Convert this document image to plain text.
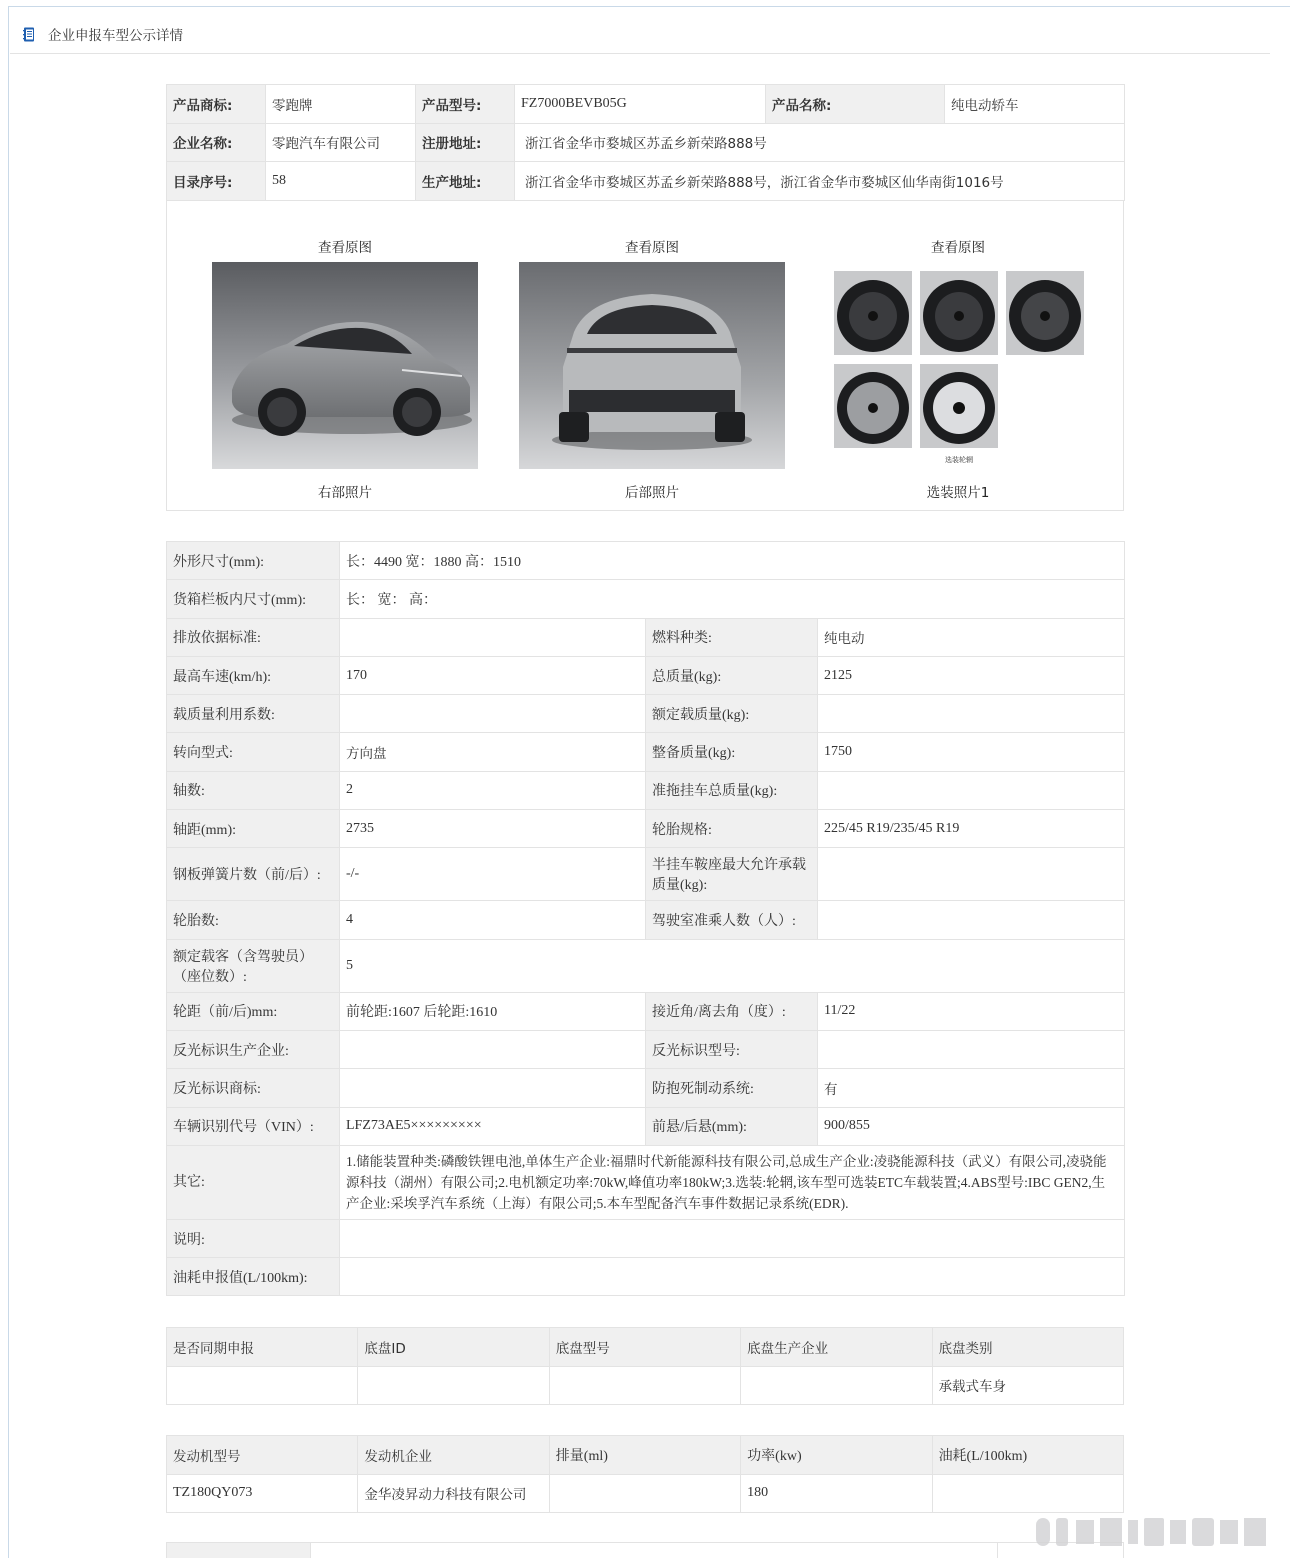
企业申报车型公示详情
产品商标:	零跑牌	产品型号:	FZ7000BEVB05G	产品名称:	纯电动轿车
企业名称:	零跑汽车有限公司	注册地址:	浙江省金华市婺城区苏孟乡新荣路888号		
目录序号:	58	生产地址:	浙江省金华市婺城区苏孟乡新荣路888号，浙江省金华市婺城区仙华南街1016号		
查看原图
右部照片
查看原图
后部照片
查看原图
选装轮辋
选装照片1
外形尺寸(mm):	长：4490 宽：1880 高：1510		
货箱栏板内尺寸(mm):	长： 宽： 高：		
排放依据标准:		燃料种类:	纯电动
最高车速(km/h):	170	总质量(kg):	2125
载质量利用系数:		额定载质量(kg):	
转向型式:	方向盘	整备质量(kg):	1750
轴数:	2	准拖挂车总质量(kg):	
轴距(mm):	2735	轮胎规格:	225/45 R19/235/45 R19
钢板弹簧片数（前/后）:	-/-	半挂车鞍座最大允许承载质量(kg):	
轮胎数:	4	驾驶室准乘人数（人）:	
额定载客（含驾驶员）（座位数）:	5		
轮距（前/后)mm:	前轮距:1607 后轮距:1610	接近角/离去角（度）:	11/22
反光标识生产企业:		反光标识型号:	
反光标识商标:		防抱死制动系统:	有
车辆识别代号（VIN）:	LFZ73AE5×××××××××	前悬/后悬(mm):	900/855
其它:	1.储能装置种类:磷酸铁锂电池,单体生产企业:福鼎时代新能源科技有限公司,总成生产企业:凌骁能源科技（武义）有限公司,凌骁能源科技（湖州）有限公司;2.电机额定功率:70kW,峰值功率180kW;3.选装:轮辋,该车型可选装ETC车载装置;4.ABS型号:IBC GEN2,生产企业:采埃孚汽车系统（上海）有限公司;5.本车型配备汽车事件数据记录系统(EDR).		
说明:			
油耗申报值(L/100km):			
是否同期申报	底盘ID	底盘型号	底盘生产企业	底盘类别
				承载式车身
发动机型号	发动机企业	排量(ml)	功率(kw)	油耗(L/100km)
TZ180QY073	金华凌昇动力科技有限公司		180	
